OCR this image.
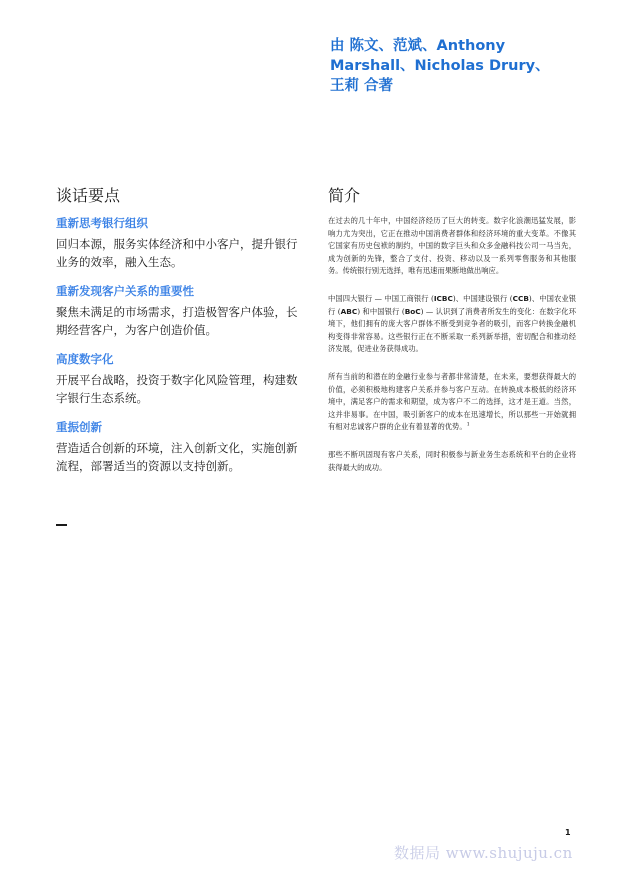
由 陈文、范斌、Anthony Marshall、Nicholas Drury、王莉 合著

谈话要点

重新思考银行组织

回归本源，服务实体经济和中小客户，提升银行业务的效率，融入生态。

重新发现客户关系的重要性

聚焦未满足的市场需求，打造极智客户体验，长期经营客户，为客户创造价值。

高度数字化

开展平台战略，投资于数字化风险管理，构建数字银行生态系统。

重振创新

营造适合创新的环境，注入创新文化，实施创新流程，部署适当的资源以支持创新。

简介

在过去的几十年中，中国经济经历了巨大的转变。数字化浪潮迅猛发展，影响力尤为突出，它正在推动中国消费者群体和经济环境的重大变革。不像其它国家有历史包袱的制约，中国的数字巨头和众多金融科技公司一马当先，成为创新的先锋，整合了支付、投资、移动以及一系列零售服务和其他服务。传统银行别无选择，唯有迅速而果断地做出响应。

中国四大银行 — 中国工商银行 (ICBC)、中国建设银行 (CCB)、中国农业银行 (ABC) 和中国银行 (BoC) — 认识到了消费者所发生的变化：在数字化环境下，他们拥有的庞大客户群体不断受到竞争者的吸引，而客户转换金融机构变得非常容易。这些银行正在不断采取一系列新举措，密切配合和推动经济发展，促进业务获得成功。

所有当前的和潜在的金融行业参与者都非常清楚，在未来，要想获得最大的价值，必须积极地构建客户关系并参与客户互动。在转换成本极低的经济环境中，满足客户的需求和期望，成为客户不二的选择，这才是王道。当然，这并非易事。在中国，吸引新客户的成本在迅速增长，所以那些一开始就拥有相对忠诚客户群的企业有着显著的优势。$^1$

那些不断巩固现有客户关系，同时积极参与新业务生态系统和平台的企业将获得最大的成功。

1
数据局 www.shujuju.cn
